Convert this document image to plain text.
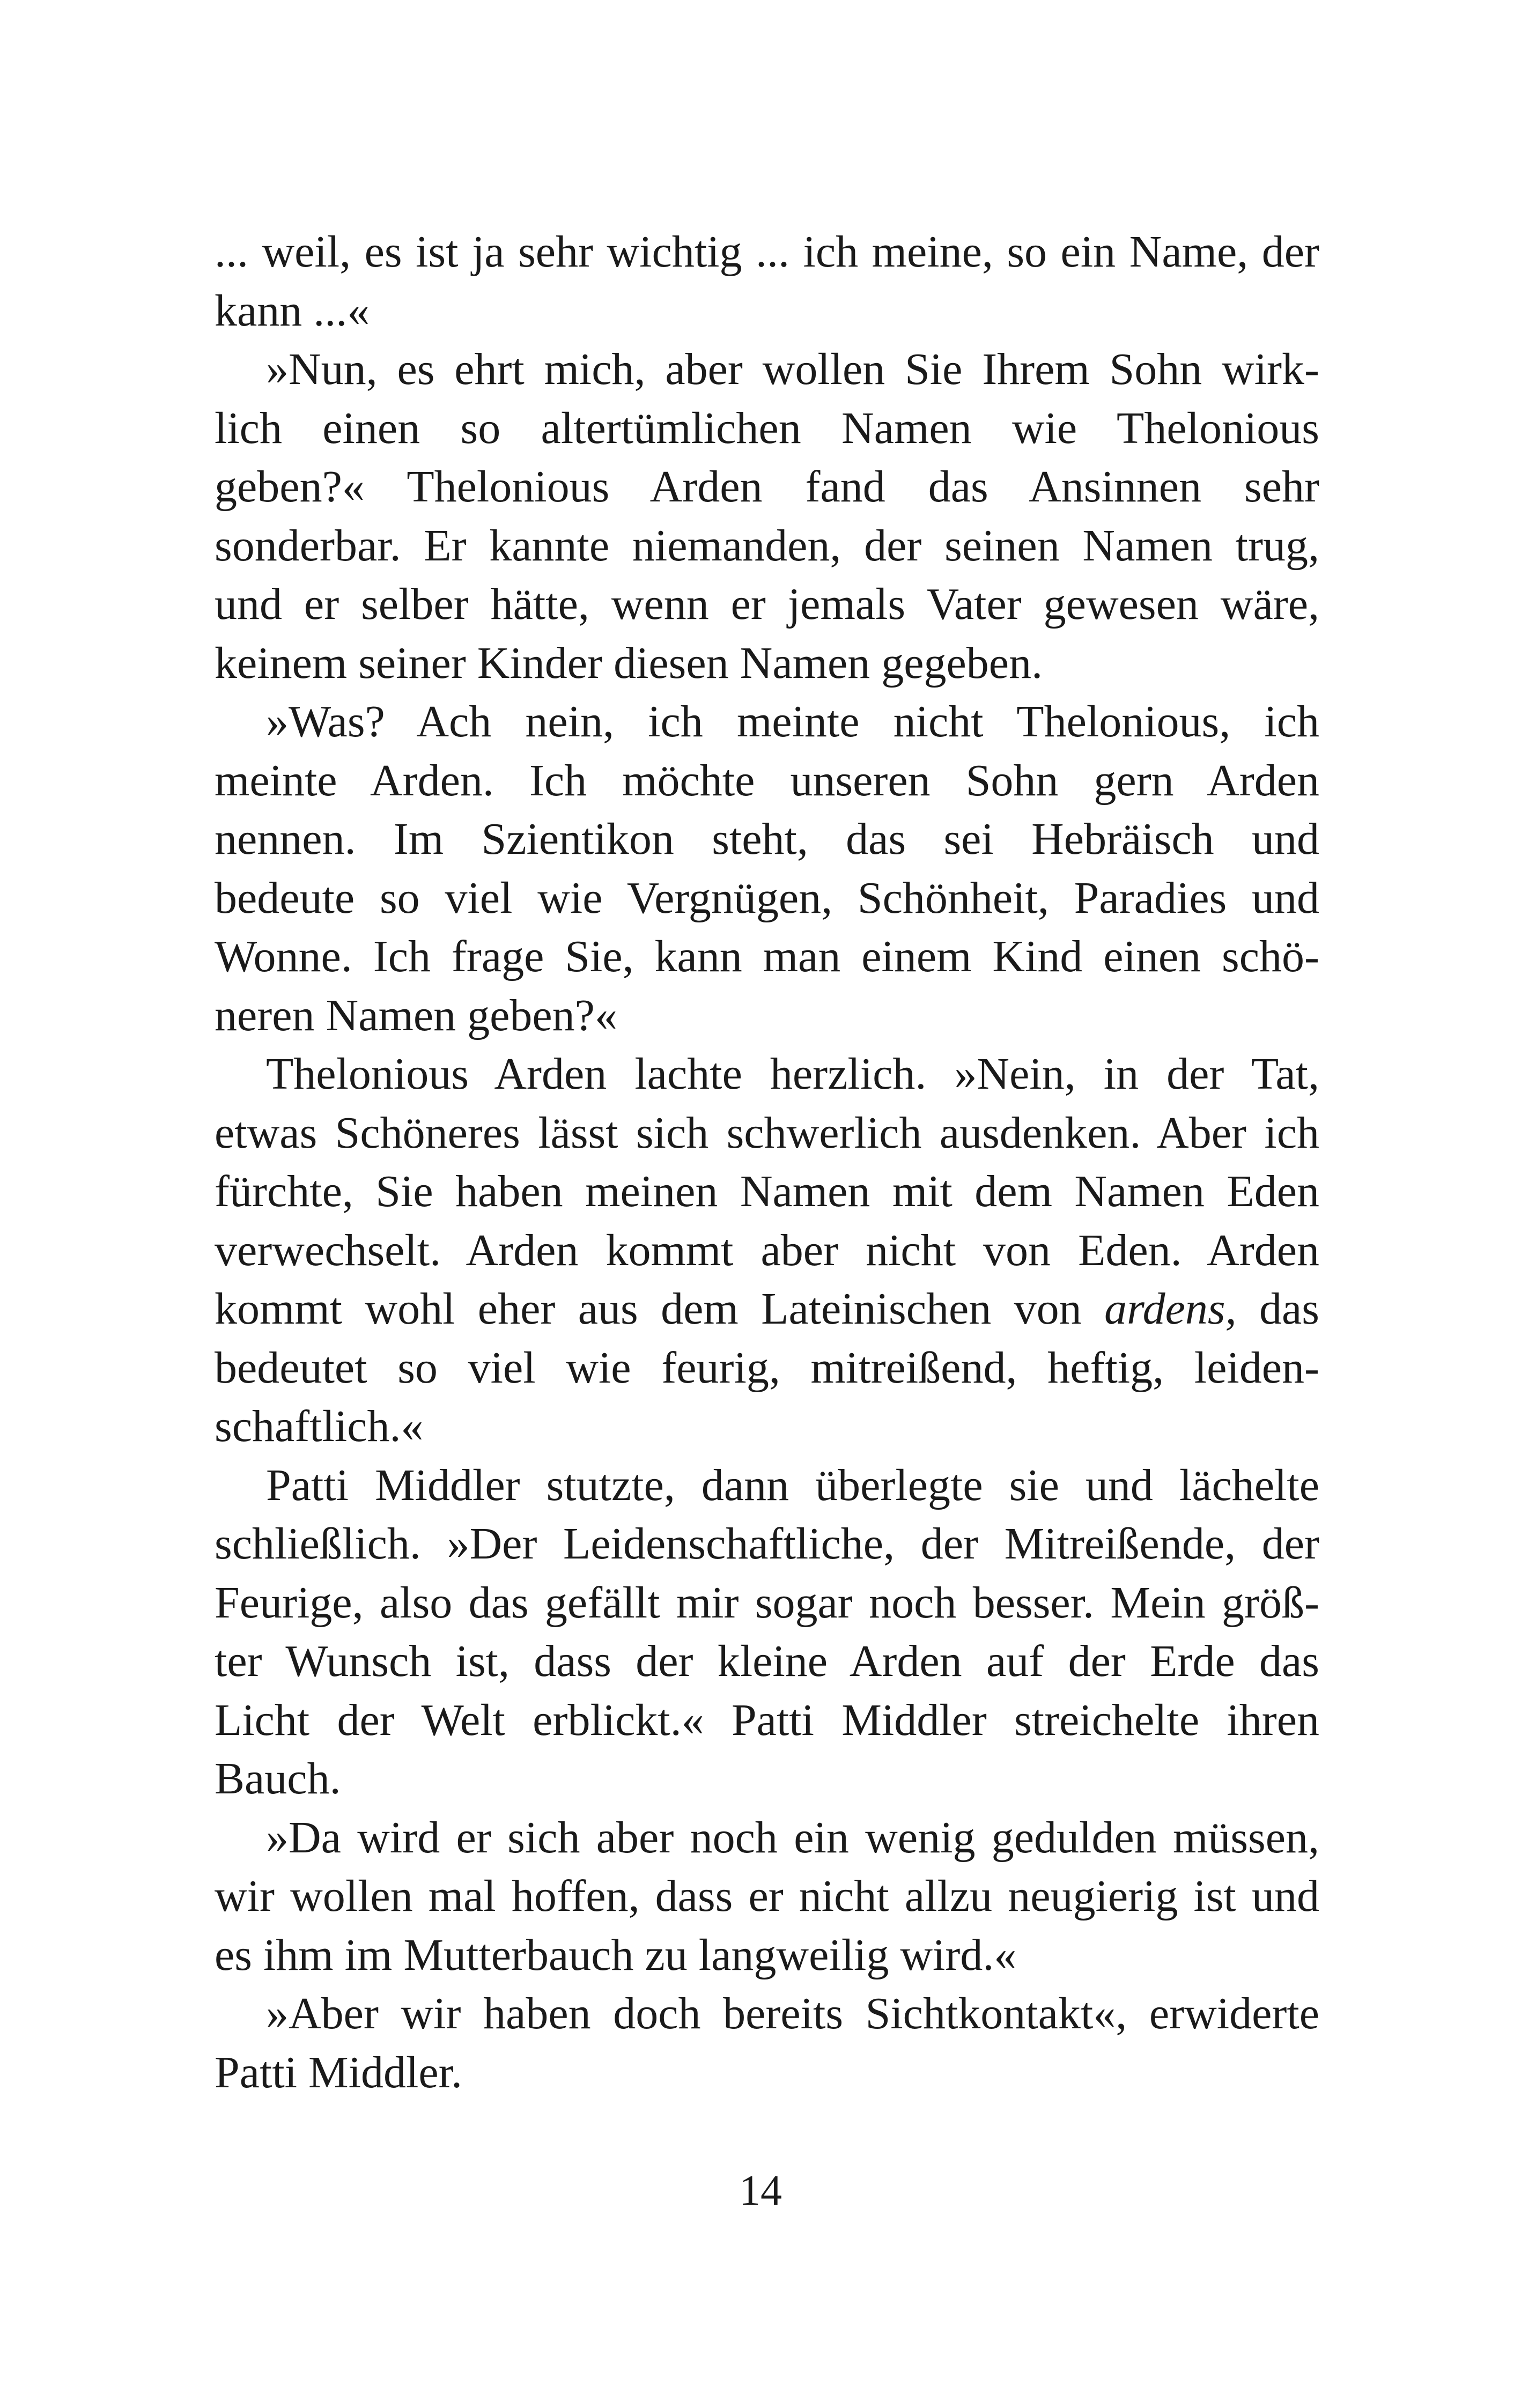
... weil, es ist ja sehr wichtig ... ich meine, so ein Name, der
kann ...«
»Nun, es ehrt mich, aber wollen Sie Ihrem Sohn wirk-
lich einen so altertümlichen Namen wie Thelonious
geben?« Thelonious Arden fand das Ansinnen sehr
sonderbar. Er kannte niemanden, der seinen Namen trug,
und er selber hätte, wenn er jemals Vater gewesen wäre,
keinem seiner Kinder diesen Namen gegeben.
»Was? Ach nein, ich meinte nicht Thelonious, ich
meinte Arden. Ich möchte unseren Sohn gern Arden
nennen. Im Szientikon steht, das sei Hebräisch und
bedeute so viel wie Vergnügen, Schönheit, Paradies und
Wonne. Ich frage Sie, kann man einem Kind einen schö-
neren Namen geben?«
Thelonious Arden lachte herzlich. »Nein, in der Tat,
etwas Schöneres lässt sich schwerlich ausdenken. Aber ich
fürchte, Sie haben meinen Namen mit dem Namen Eden
verwechselt. Arden kommt aber nicht von Eden. Arden
kommt wohl eher aus dem Lateinischen von ardens, das
bedeutet so viel wie feurig, mitreißend, heftig, leiden-
schaftlich.«
Patti Middler stutzte, dann überlegte sie und lächelte
schließlich. »Der Leidenschaftliche, der Mitreißende, der
Feurige, also das gefällt mir sogar noch besser. Mein größ-
ter Wunsch ist, dass der kleine Arden auf der Erde das
Licht der Welt erblickt.« Patti Middler streichelte ihren
Bauch.
»Da wird er sich aber noch ein wenig gedulden müssen,
wir wollen mal hoffen, dass er nicht allzu neugierig ist und
es ihm im Mutterbauch zu langweilig wird.«
»Aber wir haben doch bereits Sichtkontakt«, erwiderte
Patti Middler.
14
